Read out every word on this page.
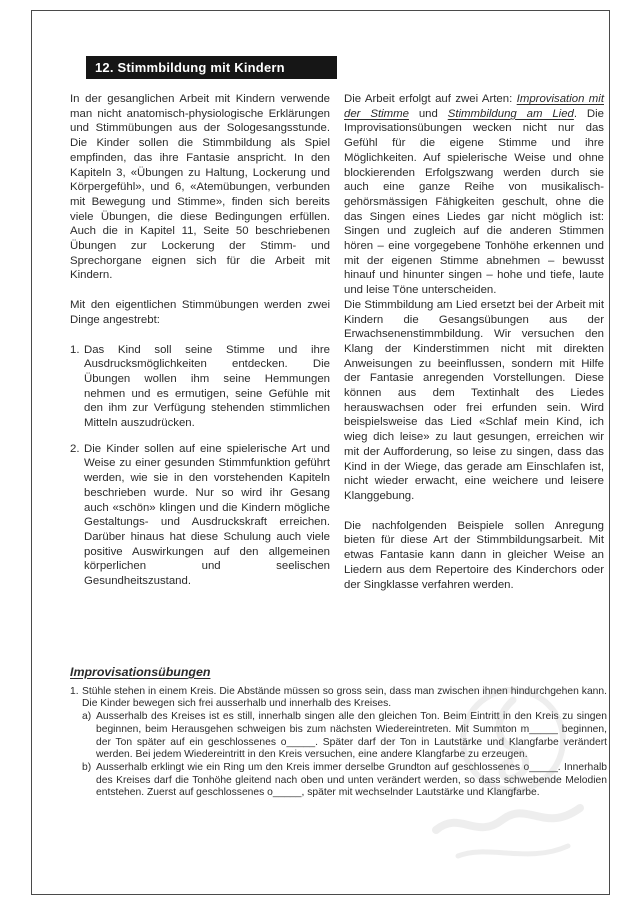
12. Stimmbildung mit Kindern

In der gesanglichen Arbeit mit Kindern verwende man nicht anatomisch-physiologische Erklärungen und Stimmübungen aus der Sologesangsstunde. Die Kinder sollen die Stimmbildung als Spiel empfinden, das ihre Fantasie anspricht. In den Kapiteln 3, «Übungen zu Haltung, Lockerung und Körpergefühl», und 6, «Atemübungen, verbunden mit Bewegung und Stimme», finden sich bereits viele Übungen, die diese Bedingungen erfüllen. Auch die in Kapitel 11, Seite 50 beschriebenen Übungen zur Lockerung der Stimm- und Sprechorgane eignen sich für die Arbeit mit Kindern.

Mit den eigentlichen Stimmübungen werden zwei Dinge angestrebt:

1. Das Kind soll seine Stimme und ihre Ausdrucksmöglichkeiten entdecken. Die Übungen wollen ihm seine Hemmungen nehmen und es ermutigen, seine Gefühle mit den ihm zur Verfügung stehenden stimmlichen Mitteln auszudrücken.
2. Die Kinder sollen auf eine spielerische Art und Weise zu einer gesunden Stimmfunktion geführt werden, wie sie in den vorstehenden Kapiteln beschrieben wurde. Nur so wird ihr Gesang auch «schön» klingen und die Kindern mögliche Gestaltungs- und Ausdruckskraft erreichen. Darüber hinaus hat diese Schulung auch viele positive Auswirkungen auf den allgemeinen körperlichen und seelischen Gesundheitszustand.

Die Arbeit erfolgt auf zwei Arten: Improvisation mit der Stimme und Stimmbildung am Lied. Die Improvisationsübungen wecken nicht nur das Gefühl für die eigene Stimme und ihre Möglichkeiten. Auf spielerische Weise und ohne blockierenden Erfolgszwang werden durch sie auch eine ganze Reihe von musikalisch-gehörsmässigen Fähigkeiten geschult, ohne die das Singen eines Liedes gar nicht möglich ist: Singen und zugleich auf die anderen Stimmen hören – eine vorgegebene Tonhöhe erkennen und mit der eigenen Stimme abnehmen – bewusst hinauf und hinunter singen – hohe und tiefe, laute und leise Töne unterscheiden.

Die Stimmbildung am Lied ersetzt bei der Arbeit mit Kindern die Gesangsübungen aus der Erwachsenenstimmbildung. Wir versuchen den Klang der Kinderstimmen nicht mit direkten Anweisungen zu beeinflussen, sondern mit Hilfe der Fantasie anregenden Vorstellungen. Diese können aus dem Textinhalt des Liedes herauswachsen oder frei erfunden sein. Wird beispielsweise das Lied «Schlaf mein Kind, ich wieg dich leise» zu laut gesungen, erreichen wir mit der Aufforderung, so leise zu singen, dass das Kind in der Wiege, das gerade am Einschlafen ist, nicht wieder erwacht, eine weichere und leisere Klanggebung.

Die nachfolgenden Beispiele sollen Anregung bieten für diese Art der Stimmbildungsarbeit. Mit etwas Fantasie kann dann in gleicher Weise an Liedern aus dem Repertoire des Kinderchors oder der Singklasse verfahren werden.

Improvisationsübungen
1. Stühle stehen in einem Kreis. Die Abstände müssen so gross sein, dass man zwischen ihnen hindurchgehen kann. Die Kinder bewegen sich frei ausserhalb und innerhalb des Kreises.
a) Ausserhalb des Kreises ist es still, innerhalb singen alle den gleichen Ton. Beim Eintritt in den Kreis zu singen beginnen, beim Herausgehen schweigen bis zum nächsten Wiedereintreten. Mit Summton m_____ beginnen, der Ton später auf ein geschlossenes o_____. Später darf der Ton in Lautstärke und Klangfarbe verändert werden. Bei jedem Wiedereintritt in den Kreis versuchen, eine andere Klangfarbe zu erzeugen.
b) Ausserhalb erklingt wie ein Ring um den Kreis immer derselbe Grundton auf geschlossenes o_____. Innerhalb des Kreises darf die Tonhöhe gleitend nach oben und unten verändert werden, so dass schwebende Melodien entstehen. Zuerst auf geschlossenes o_____, später mit wechselnder Lautstärke und Klangfarbe.
